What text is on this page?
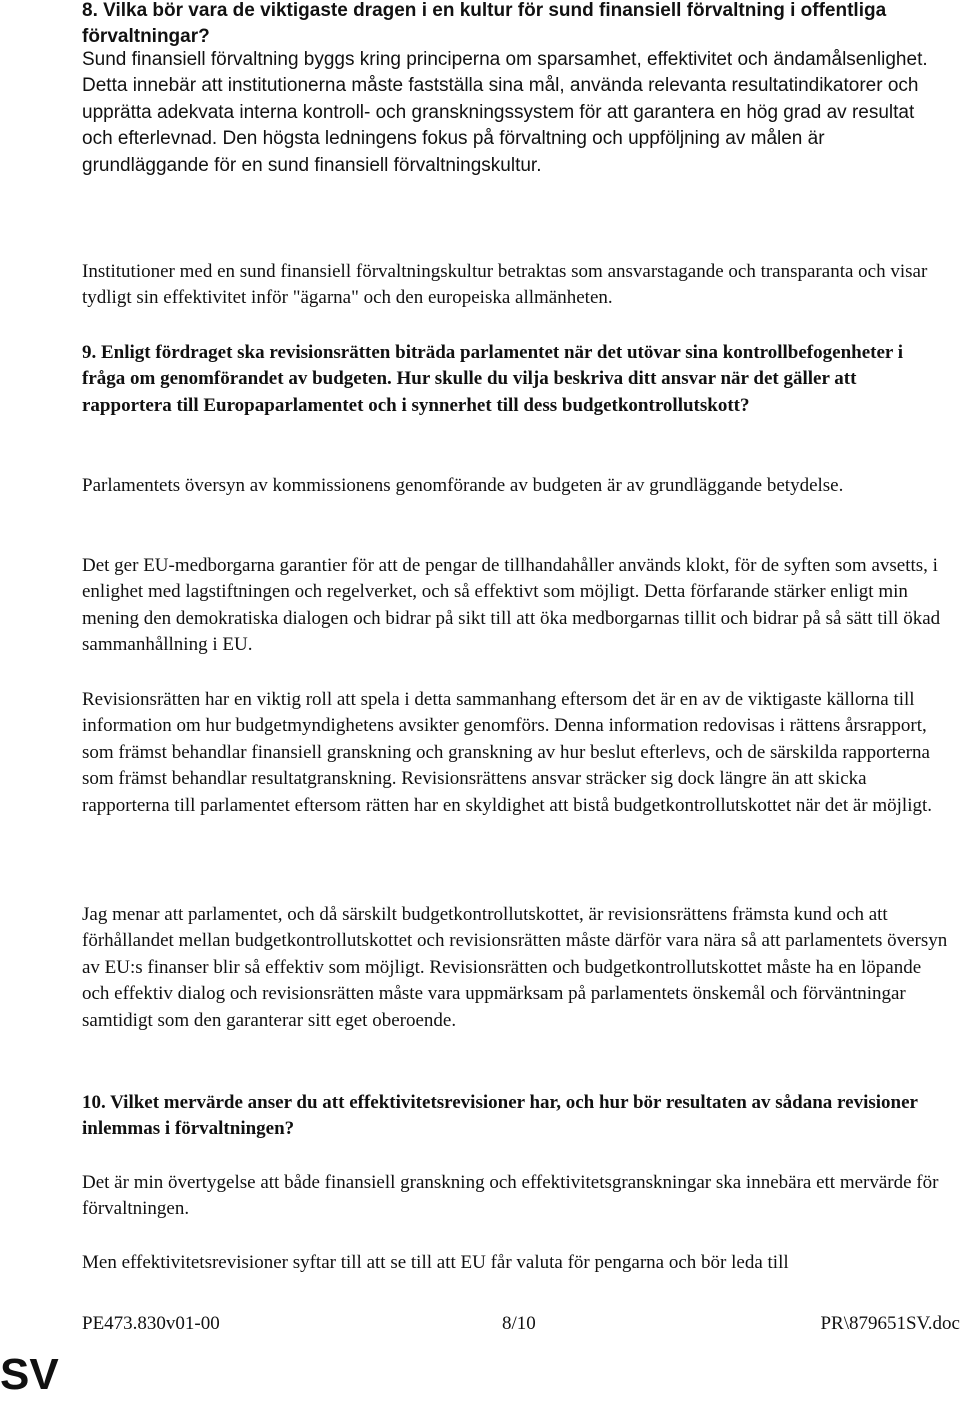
8. Vilka bör vara de viktigaste dragen i en kultur för sund finansiell förvaltning i offentliga förvaltningar?

Sund finansiell förvaltning byggs kring principerna om sparsamhet, effektivitet och ändamålsenlighet. Detta innebär att institutionerna måste fastställa sina mål, använda relevanta resultatindikatorer och upprätta adekvata interna kontroll- och granskningssystem för att garantera en hög grad av resultat och efterlevnad. Den högsta ledningens fokus på förvaltning och uppföljning av målen är grundläggande för en sund finansiell förvaltningskultur.

Institutioner med en sund finansiell förvaltningskultur betraktas som ansvarstagande och transparanta och visar tydligt sin effektivitet inför "ägarna" och den europeiska allmänheten.

9. Enligt fördraget ska revisionsrätten biträda parlamentet när det utövar sina kontrollbefogenheter i fråga om genomförandet av budgeten. Hur skulle du vilja beskriva ditt ansvar när det gäller att rapportera till Europaparlamentet och i synnerhet till dess budgetkontrollutskott?

Parlamentets översyn av kommissionens genomförande av budgeten är av grundläggande betydelse.

Det ger EU-medborgarna garantier för att de pengar de tillhandahåller används klokt, för de syften som avsetts, i enlighet med lagstiftningen och regelverket, och så effektivt som möjligt. Detta förfarande stärker enligt min mening den demokratiska dialogen och bidrar på sikt till att öka medborgarnas tillit och bidrar på så sätt till ökad sammanhållning i EU.

Revisionsrätten har en viktig roll att spela i detta sammanhang eftersom det är en av de viktigaste källorna till information om hur budgetmyndighetens avsikter genomförs. Denna information redovisas i rättens årsrapport, som främst behandlar finansiell granskning och granskning av hur beslut efterlevs, och de särskilda rapporterna som främst behandlar resultatgranskning. Revisionsrättens ansvar sträcker sig dock längre än att skicka rapporterna till parlamentet eftersom rätten har en skyldighet att bistå budgetkontrollutskottet när det är möjligt.

Jag menar att parlamentet, och då särskilt budgetkontrollutskottet, är revisionsrättens främsta kund och att förhållandet mellan budgetkontrollutskottet och revisionsrätten måste därför vara nära så att parlamentets översyn av EU:s finanser blir så effektiv som möjligt. Revisionsrätten och budgetkontrollutskottet måste ha en löpande och effektiv dialog och revisionsrätten måste vara uppmärksam på parlamentets önskemål och förväntningar samtidigt som den garanterar sitt eget oberoende.

10. Vilket mervärde anser du att effektivitetsrevisioner har, och hur bör resultaten av sådana revisioner inlemmas i förvaltningen?

Det är min övertygelse att både finansiell granskning och effektivitetsgranskningar ska innebära ett mervärde för förvaltningen.

Men effektivitetsrevisioner syftar till att se till att EU får valuta för pengarna och bör leda till

PE473.830v01-00	8/10	PR\879651SV.doc
SV
